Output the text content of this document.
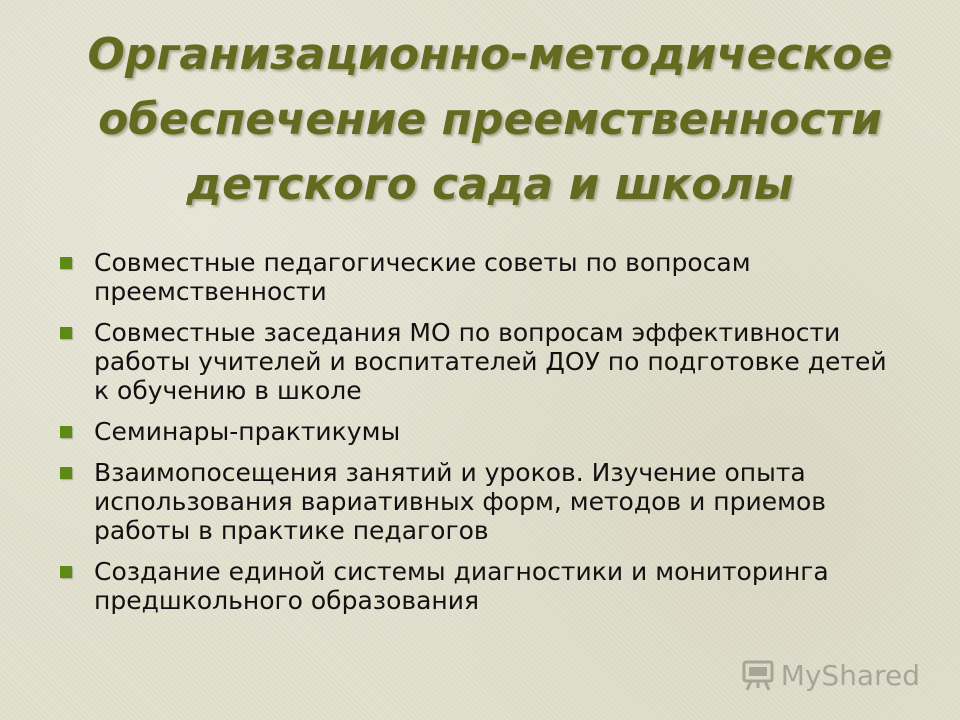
Организационно-методическое
обеспечение преемственности
детского сада и школы
Совместные педагогические советы по вопросам преемственности
Совместные заседания МО по вопросам эффективности работы учителей и воспитателей ДОУ по подготовке детей к обучению в школе
Семинары-практикумы
Взаимопосещения занятий и уроков. Изучение опыта использования вариативных форм, методов и приемов работы в практике педагогов
Создание единой системы диагностики и мониторинга предшкольного образования
MyShared
